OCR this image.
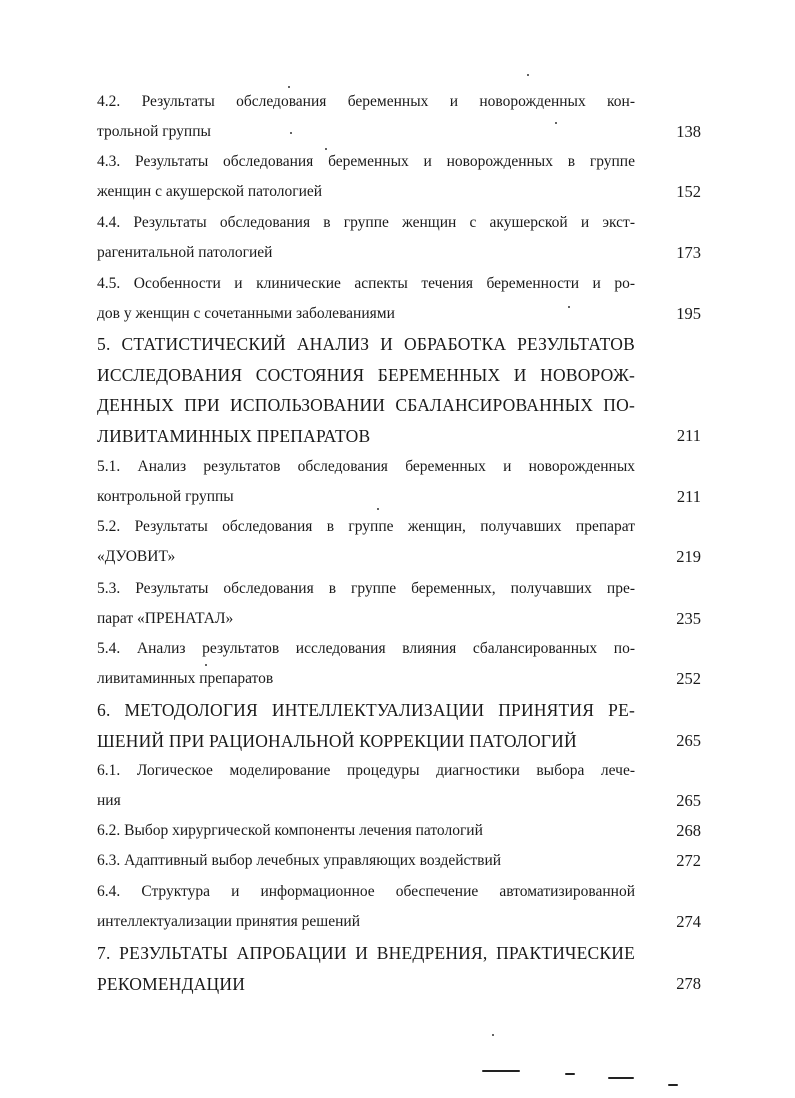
4.2. Результаты обследования беременных и новорожденных кон-
трольной группы	138
4.3. Результаты обследования беременных и новорожденных в группе
женщин с акушерской патологией	152
4.4. Результаты обследования в группе женщин с акушерской и экст-
рагенитальной патологией	173
4.5. Особенности и клинические аспекты течения беременности и ро-
дов у женщин с сочетанными заболеваниями	195
5. СТАТИСТИЧЕСКИЙ АНАЛИЗ И ОБРАБОТКА РЕЗУЛЬТАТОВ
ИССЛЕДОВАНИЯ СОСТОЯНИЯ БЕРЕМЕННЫХ И НОВОРОЖ-
ДЕННЫХ ПРИ ИСПОЛЬЗОВАНИИ СБАЛАНСИРОВАННЫХ ПО-
ЛИВИТАМИННЫХ ПРЕПАРАТОВ	211
5.1. Анализ результатов обследования беременных и новорожденных
контрольной группы	211
5.2. Результаты обследования в группе женщин, получавших препарат
«ДУОВИТ»	219
5.3. Результаты обследования в группе беременных, получавших пре-
парат «ПРЕНАТАЛ»	235
5.4. Анализ результатов исследования влияния сбалансированных по-
ливитаминных препаратов	252
6. МЕТОДОЛОГИЯ ИНТЕЛЛЕКТУАЛИЗАЦИИ ПРИНЯТИЯ РЕ-
ШЕНИЙ ПРИ РАЦИОНАЛЬНОЙ КОРРЕКЦИИ ПАТОЛОГИЙ	265
6.1. Логическое моделирование процедуры диагностики выбора лече-
ния	265
6.2. Выбор хирургической компоненты лечения патологий	268
6.3. Адаптивный выбор лечебных управляющих воздействий	272
6.4. Структура и информационное обеспечение автоматизированной
интеллектуализации принятия решений	274
7. РЕЗУЛЬТАТЫ АПРОБАЦИИ И ВНЕДРЕНИЯ, ПРАКТИЧЕСКИЕ
РЕКОМЕНДАЦИИ	278
